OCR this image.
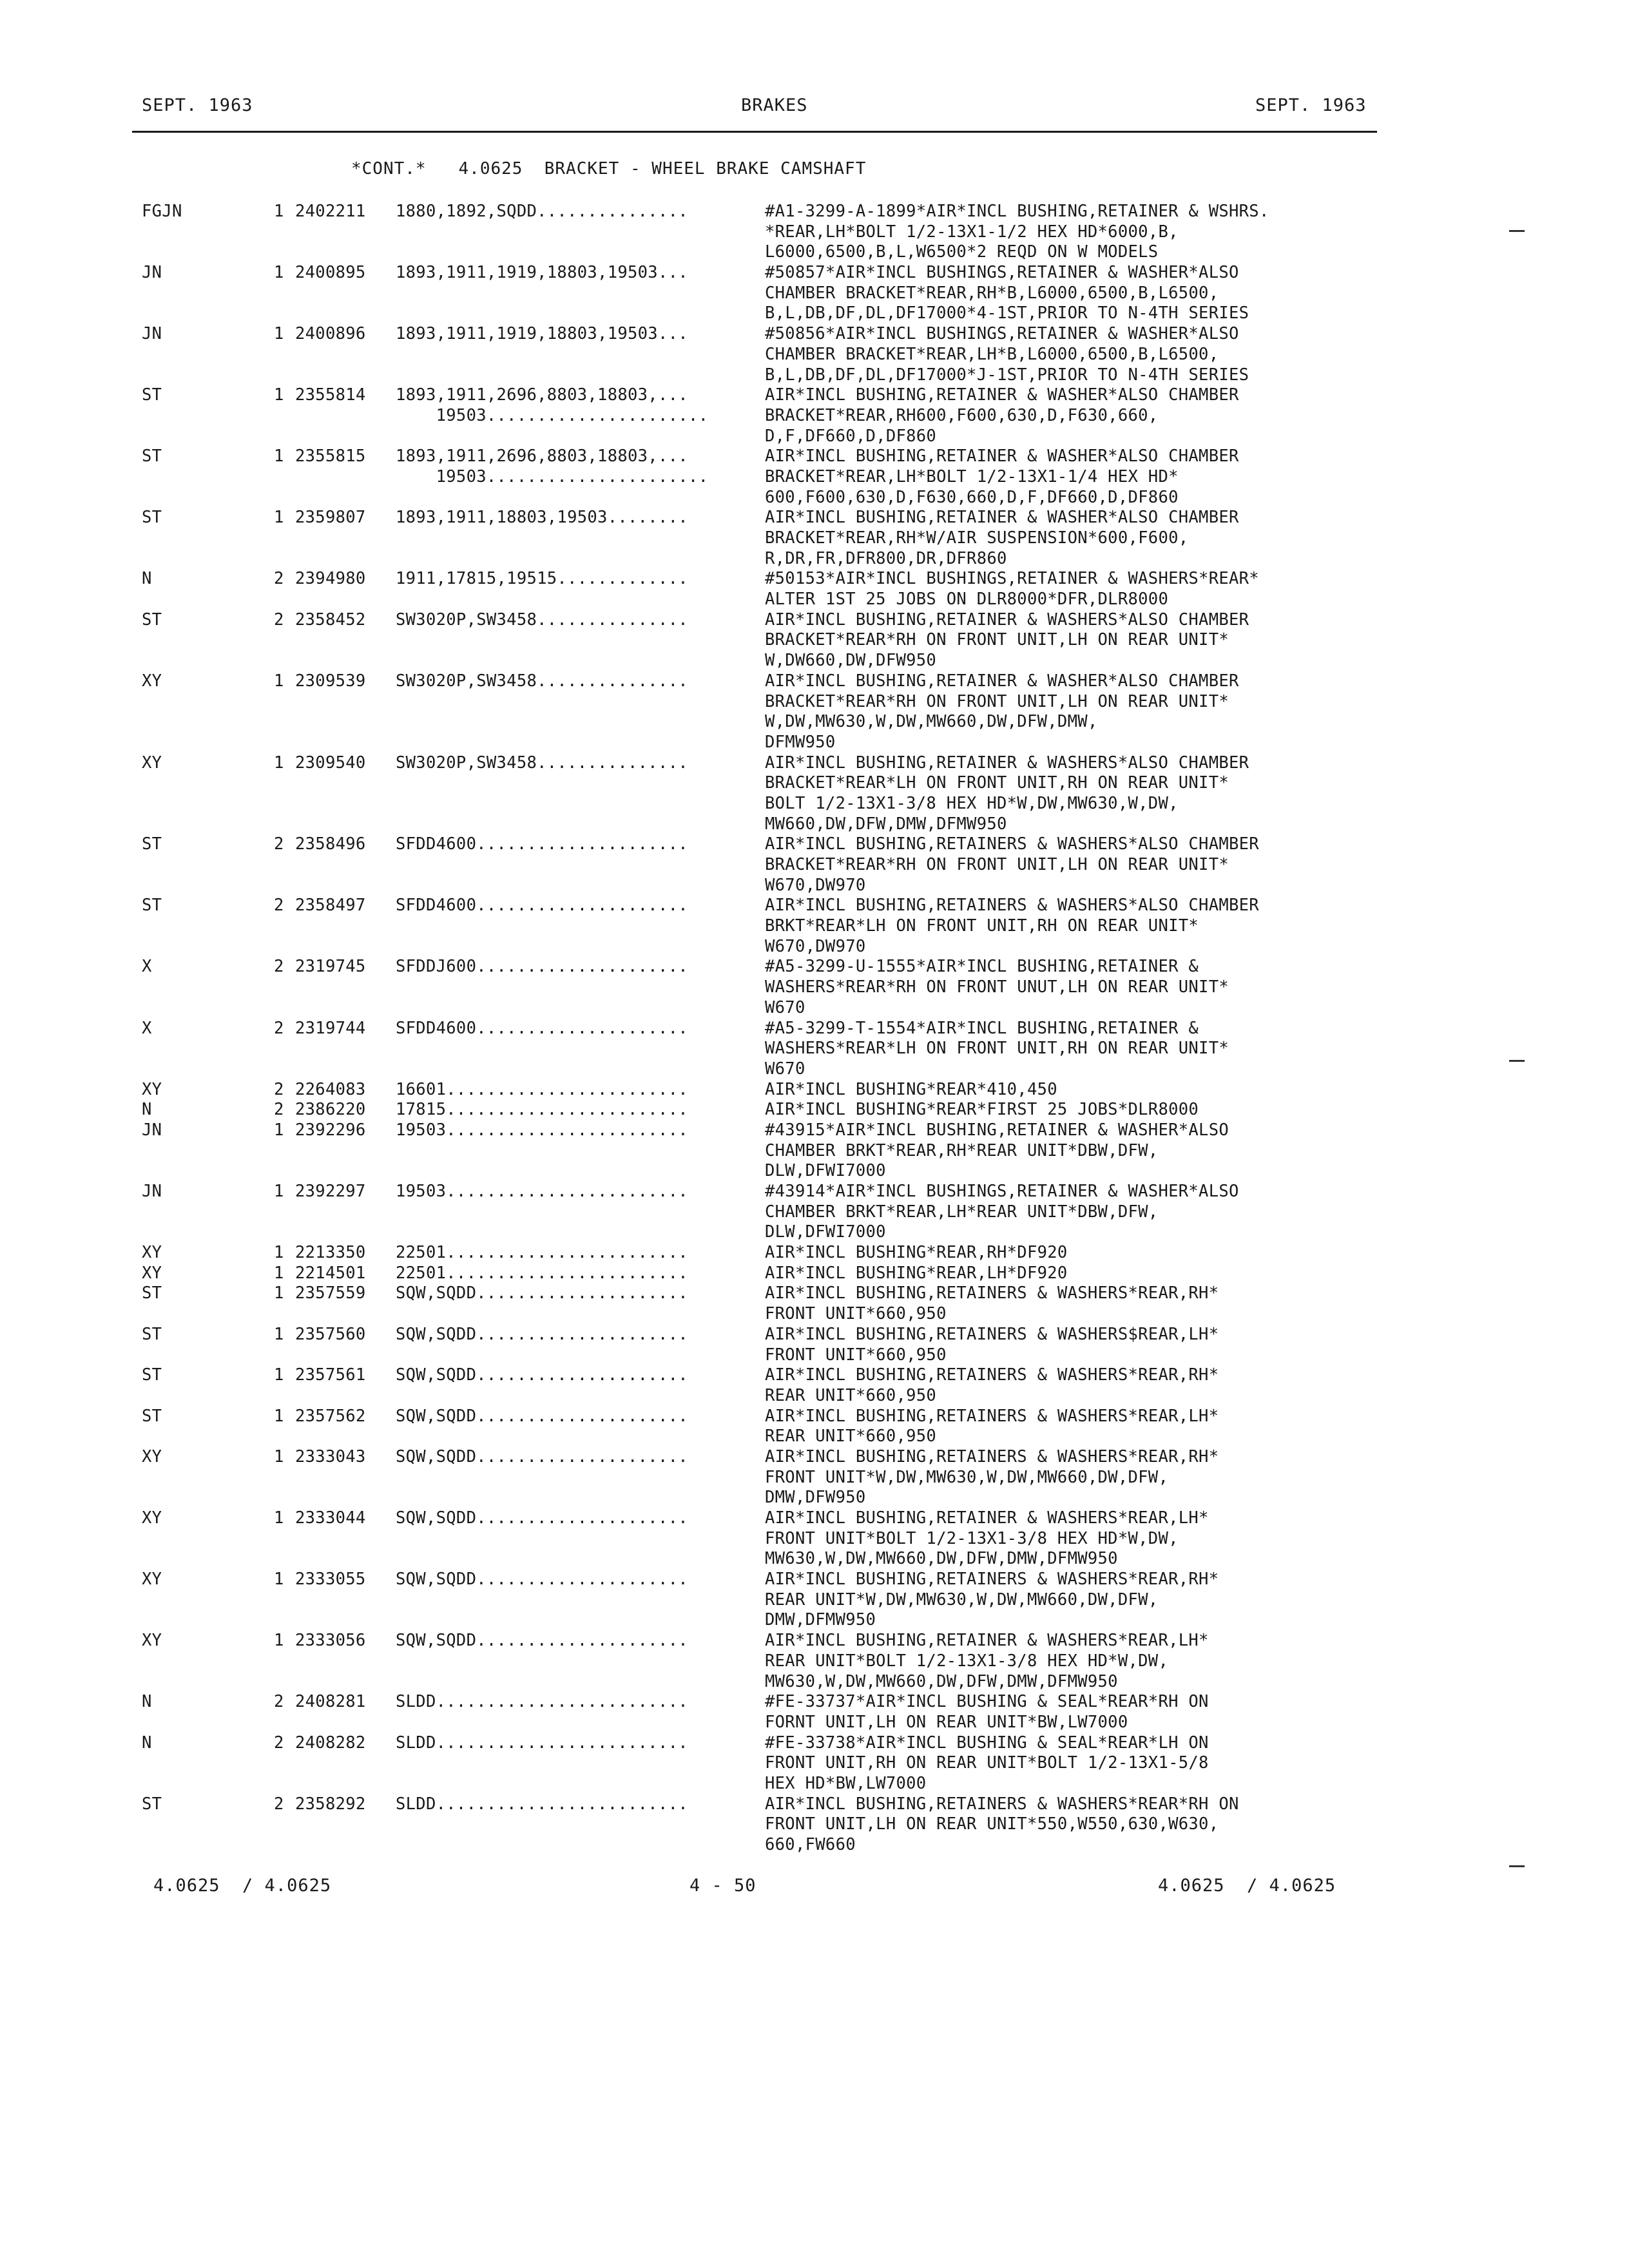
SEPT. 1963	BRAKES	SEPT. 1963
*CONT.*   4.0625  BRACKET - WHEEL BRAKE CAMSHAFT
FGJN	1 2402211 1880,1892,SQDD...............	#A1-3299-A-1899*AIR*INCL BUSHING,RETAINER & WSHRS.
*REAR,LH*BOLT 1/2-13X1-1/2 HEX HD*6000,B,
L6000,6500,B,L,W6500*2 REQD ON W MODELS
JN	1 2400895 1893,1911,1919,18803,19503...	#50857*AIR*INCL BUSHINGS,RETAINER & WASHER*ALSO
CHAMBER BRACKET*REAR,RH*B,L6000,6500,B,L6500,
B,L,DB,DF,DL,DF17000*4-1ST,PRIOR TO N-4TH SERIES
JN	1 2400896 1893,1911,1919,18803,19503...	#50856*AIR*INCL BUSHINGS,RETAINER & WASHER*ALSO
CHAMBER BRACKET*REAR,LH*B,L6000,6500,B,L6500,
B,L,DB,DF,DL,DF17000*J-1ST,PRIOR TO N-4TH SERIES
ST	1 2355814 1893,1911,2696,8803,18803,...	AIR*INCL BUSHING,RETAINER & WASHER*ALSO CHAMBER
19503......................	BRACKET*REAR,RH600,F600,630,D,F630,660,
D,F,DF660,D,DF860
ST	1 2355815 1893,1911,2696,8803,18803,...	AIR*INCL BUSHING,RETAINER & WASHER*ALSO CHAMBER
19503......................	BRACKET*REAR,LH*BOLT 1/2-13X1-1/4 HEX HD*
600,F600,630,D,F630,660,D,F,DF660,D,DF860
ST	1 2359807 1893,1911,18803,19503........	AIR*INCL BUSHING,RETAINER & WASHER*ALSO CHAMBER
BRACKET*REAR,RH*W/AIR SUSPENSION*600,F600,
R,DR,FR,DFR800,DR,DFR860
N	2 2394980 1911,17815,19515.............	#50153*AIR*INCL BUSHINGS,RETAINER & WASHERS*REAR*
ALTER 1ST 25 JOBS ON DLR8000*DFR,DLR8000
ST	2 2358452 SW3020P,SW3458...............	AIR*INCL BUSHING,RETAINER & WASHERS*ALSO CHAMBER
BRACKET*REAR*RH ON FRONT UNIT,LH ON REAR UNIT*
W,DW660,DW,DFW950
XY	1 2309539 SW3020P,SW3458...............	AIR*INCL BUSHING,RETAINER & WASHER*ALSO CHAMBER
BRACKET*REAR*RH ON FRONT UNIT,LH ON REAR UNIT*
W,DW,MW630,W,DW,MW660,DW,DFW,DMW,
DFMW950
XY	1 2309540 SW3020P,SW3458...............	AIR*INCL BUSHING,RETAINER & WASHERS*ALSO CHAMBER
BRACKET*REAR*LH ON FRONT UNIT,RH ON REAR UNIT*
BOLT 1/2-13X1-3/8 HEX HD*W,DW,MW630,W,DW,
MW660,DW,DFW,DMW,DFMW950
ST	2 2358496 SFDD4600.....................	AIR*INCL BUSHING,RETAINERS & WASHERS*ALSO CHAMBER
BRACKET*REAR*RH ON FRONT UNIT,LH ON REAR UNIT*
W670,DW970
ST	2 2358497 SFDD4600.....................	AIR*INCL BUSHING,RETAINERS & WASHERS*ALSO CHAMBER
BRKT*REAR*LH ON FRONT UNIT,RH ON REAR UNIT*
W670,DW970
X	2 2319745 SFDDJ600.....................	#A5-3299-U-1555*AIR*INCL BUSHING,RETAINER &
WASHERS*REAR*RH ON FRONT UNUT,LH ON REAR UNIT*
W670
X	2 2319744 SFDD4600.....................	#A5-3299-T-1554*AIR*INCL BUSHING,RETAINER &
WASHERS*REAR*LH ON FRONT UNIT,RH ON REAR UNIT*
W670
XY	2 2264083 16601........................	AIR*INCL BUSHING*REAR*410,450
N	2 2386220 17815........................	AIR*INCL BUSHING*REAR*FIRST 25 JOBS*DLR8000
JN	1 2392296 19503........................	#43915*AIR*INCL BUSHING,RETAINER & WASHER*ALSO
CHAMBER BRKT*REAR,RH*REAR UNIT*DBW,DFW,
DLW,DFWI7000
JN	1 2392297 19503........................	#43914*AIR*INCL BUSHINGS,RETAINER & WASHER*ALSO
CHAMBER BRKT*REAR,LH*REAR UNIT*DBW,DFW,
DLW,DFWI7000
XY	1 2213350 22501........................	AIR*INCL BUSHING*REAR,RH*DF920
XY	1 2214501 22501........................	AIR*INCL BUSHING*REAR,LH*DF920
ST	1 2357559 SQW,SQDD.....................	AIR*INCL BUSHING,RETAINERS & WASHERS*REAR,RH*
FRONT UNIT*660,950
ST	1 2357560 SQW,SQDD.....................	AIR*INCL BUSHING,RETAINERS & WASHERS$REAR,LH*
FRONT UNIT*660,950
ST	1 2357561 SQW,SQDD.....................	AIR*INCL BUSHING,RETAINERS & WASHERS*REAR,RH*
REAR UNIT*660,950
ST	1 2357562 SQW,SQDD.....................	AIR*INCL BUSHING,RETAINERS & WASHERS*REAR,LH*
REAR UNIT*660,950
XY	1 2333043 SQW,SQDD.....................	AIR*INCL BUSHING,RETAINERS & WASHERS*REAR,RH*
FRONT UNIT*W,DW,MW630,W,DW,MW660,DW,DFW,
DMW,DFW950
XY	1 2333044 SQW,SQDD.....................	AIR*INCL BUSHING,RETAINER & WASHERS*REAR,LH*
FRONT UNIT*BOLT 1/2-13X1-3/8 HEX HD*W,DW,
MW630,W,DW,MW660,DW,DFW,DMW,DFMW950
XY	1 2333055 SQW,SQDD.....................	AIR*INCL BUSHING,RETAINERS & WASHERS*REAR,RH*
REAR UNIT*W,DW,MW630,W,DW,MW660,DW,DFW,
DMW,DFMW950
XY	1 2333056 SQW,SQDD.....................	AIR*INCL BUSHING,RETAINER & WASHERS*REAR,LH*
REAR UNIT*BOLT 1/2-13X1-3/8 HEX HD*W,DW,
MW630,W,DW,MW660,DW,DFW,DMW,DFMW950
N	2 2408281 SLDD.........................	#FE-33737*AIR*INCL BUSHING & SEAL*REAR*RH ON
FORNT UNIT,LH ON REAR UNIT*BW,LW7000
N	2 2408282 SLDD.........................	#FE-33738*AIR*INCL BUSHING & SEAL*REAR*LH ON
FRONT UNIT,RH ON REAR UNIT*BOLT 1/2-13X1-5/8
HEX HD*BW,LW7000
ST	2 2358292 SLDD.........................	AIR*INCL BUSHING,RETAINERS & WASHERS*REAR*RH ON
FRONT UNIT,LH ON REAR UNIT*550,W550,630,W630,
660,FW660
4.0625  / 4.0625	4 - 50	4.0625  / 4.0625
